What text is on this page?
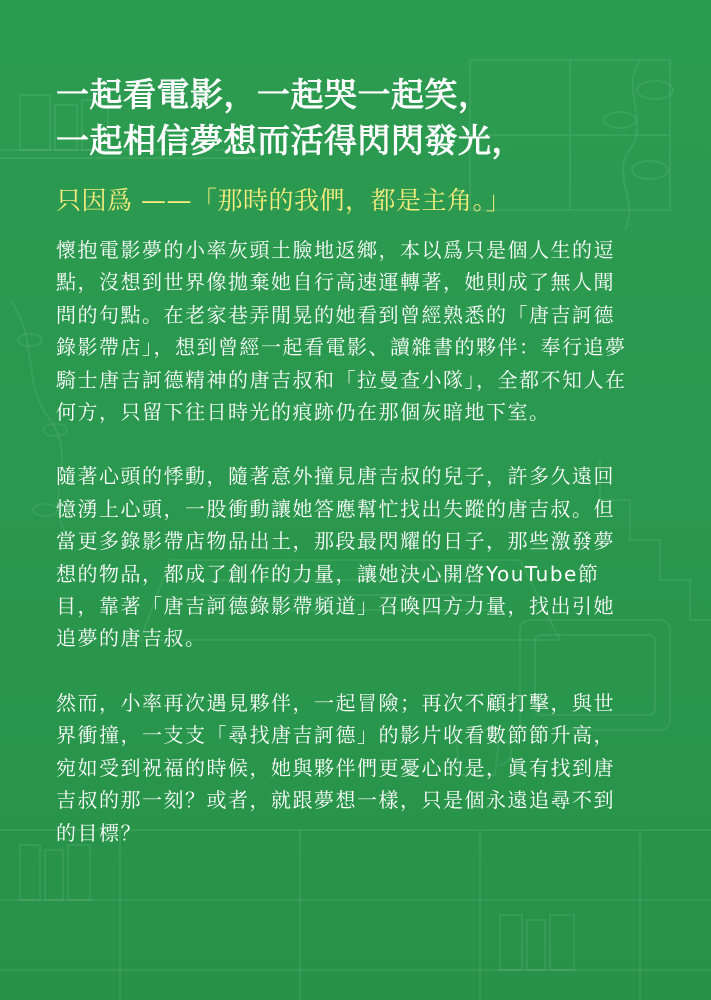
一起看電影，一起哭一起笑，
一起相信夢想而活得閃閃發光，
只因爲 ——「那時的我們，都是主角。」
懷抱電影夢的小率灰頭土臉地返鄉，本以爲只是個人生的逗
點，沒想到世界像拋棄她自行高速運轉著，她則成了無人聞
問的句點。在老家巷弄閒晃的她看到曾經熟悉的「唐吉訶德
錄影帶店」，想到曾經一起看電影、讀雜書的夥伴：奉行追夢
騎士唐吉訶德精神的唐吉叔和「拉曼查小隊」，全都不知人在
何方，只留下往日時光的痕跡仍在那個灰暗地下室。
隨著心頭的悸動，隨著意外撞見唐吉叔的兒子，許多久遠回
憶湧上心頭，一股衝動讓她答應幫忙找出失蹤的唐吉叔。但
當更多錄影帶店物品出土，那段最閃耀的日子，那些激發夢
想的物品，都成了創作的力量，讓她決心開啓YouTube節
目，靠著「唐吉訶德錄影帶頻道」召喚四方力量，找出引她
追夢的唐吉叔。
然而，小率再次遇見夥伴，一起冒險；再次不顧打擊，與世
界衝撞，一支支「尋找唐吉訶德」的影片收看數節節升高，
宛如受到祝福的時候，她與夥伴們更憂心的是，眞有找到唐
吉叔的那一刻？或者，就跟夢想一樣，只是個永遠追尋不到
的目標？
